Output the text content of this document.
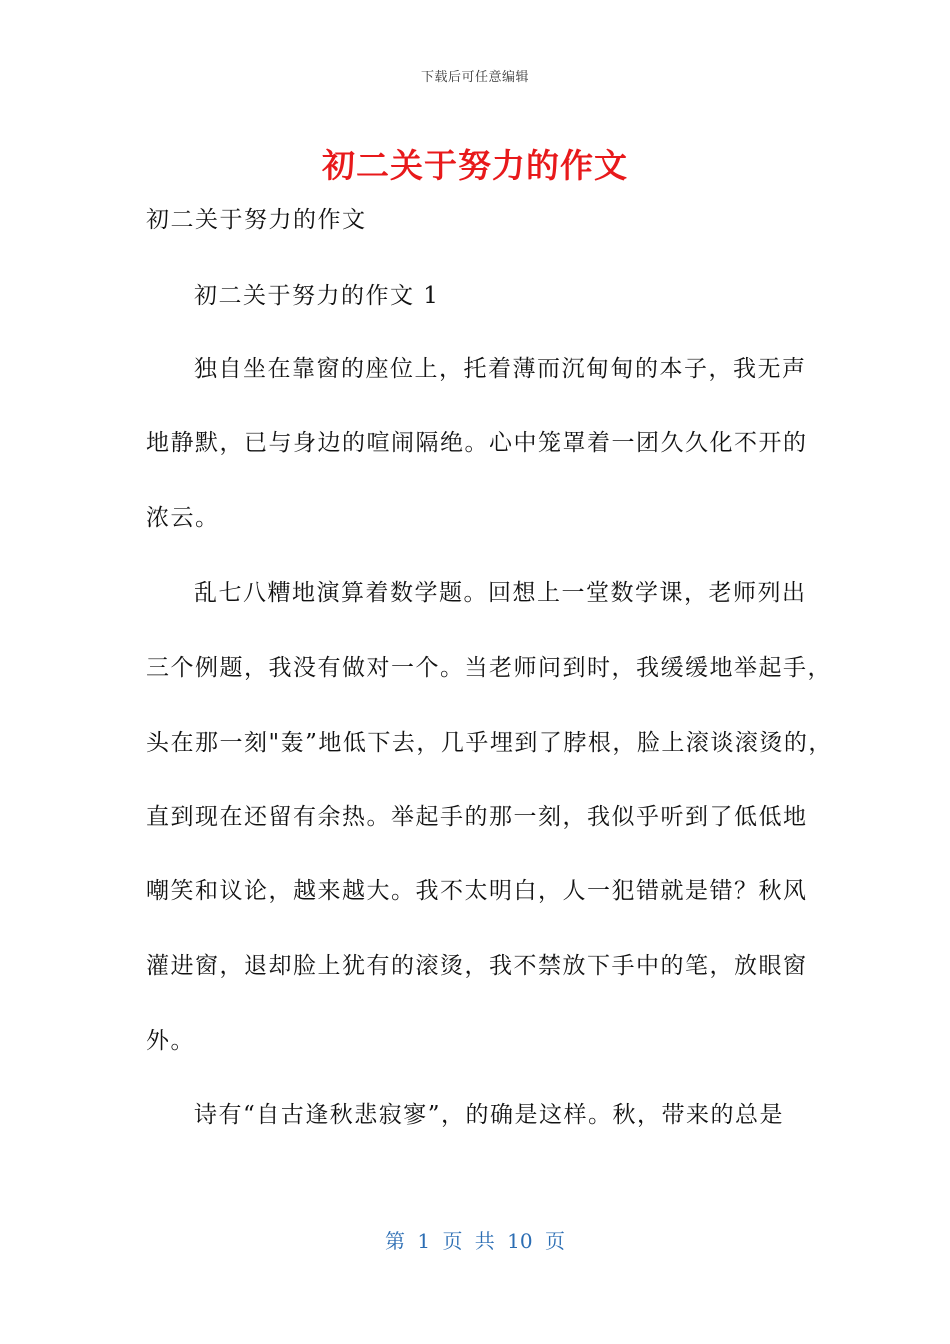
下载后可任意编辑
初二关于努力的作文
初二关于努力的作文
初二关于努力的作文 1
独自坐在靠窗的座位上，托着薄而沉甸甸的本子，我无声
地静默，已与身边的喧闹隔绝。心中笼罩着一团久久化不开的
浓云。
乱七八糟地演算着数学题。回想上一堂数学课，老师列出
三个例题，我没有做对一个。当老师问到时，我缓缓地举起手，
头在那一刻"轰”地低下去，几乎埋到了脖根，脸上滚谈滚烫的，
直到现在还留有余热。举起手的那一刻，我似乎听到了低低地
嘲笑和议论，越来越大。我不太明白，人一犯错就是错？秋风
灌进窗，退却脸上犹有的滚烫，我不禁放下手中的笔，放眼窗
外。
诗有“自古逢秋悲寂寥”，的确是这样。秋，带来的总是
第 1 页 共 10 页
